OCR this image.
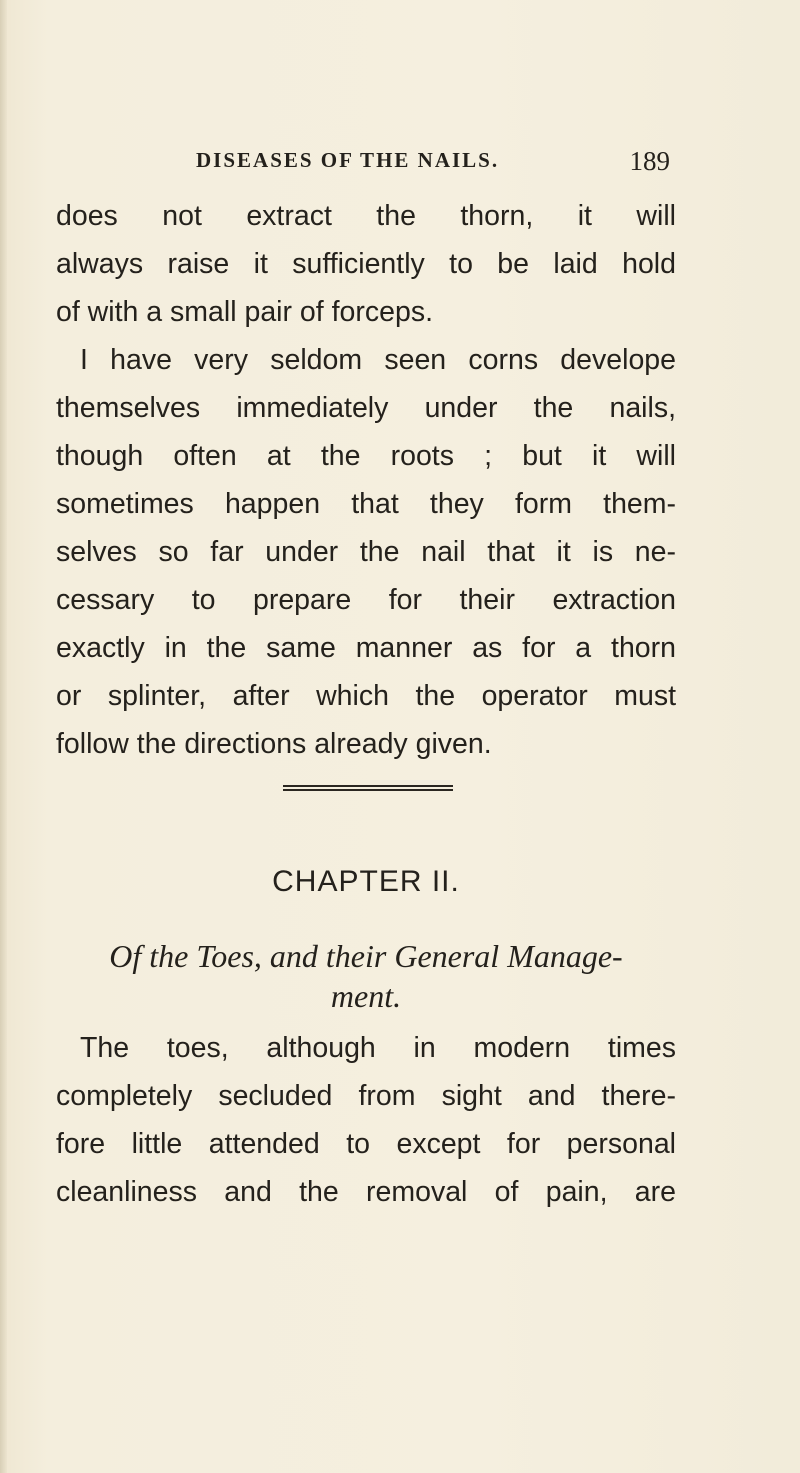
DISEASES OF THE NAILS.	189
does not extract the thorn, it will
always raise it sufficiently to be laid hold
of with a small pair of forceps.
I have very seldom seen corns develope
themselves immediately under the nails,
though often at the roots ; but it will
sometimes happen that they form them-
selves so far under the nail that it is ne-
cessary to prepare for their extraction
exactly in the same manner as for a thorn
or splinter, after which the operator must
follow the directions already given.
CHAPTER II.
Of the Toes, and their General Manage-
ment.
The toes, although in modern times
completely secluded from sight and there-
fore little attended to except for personal
cleanliness and the removal of pain, are
